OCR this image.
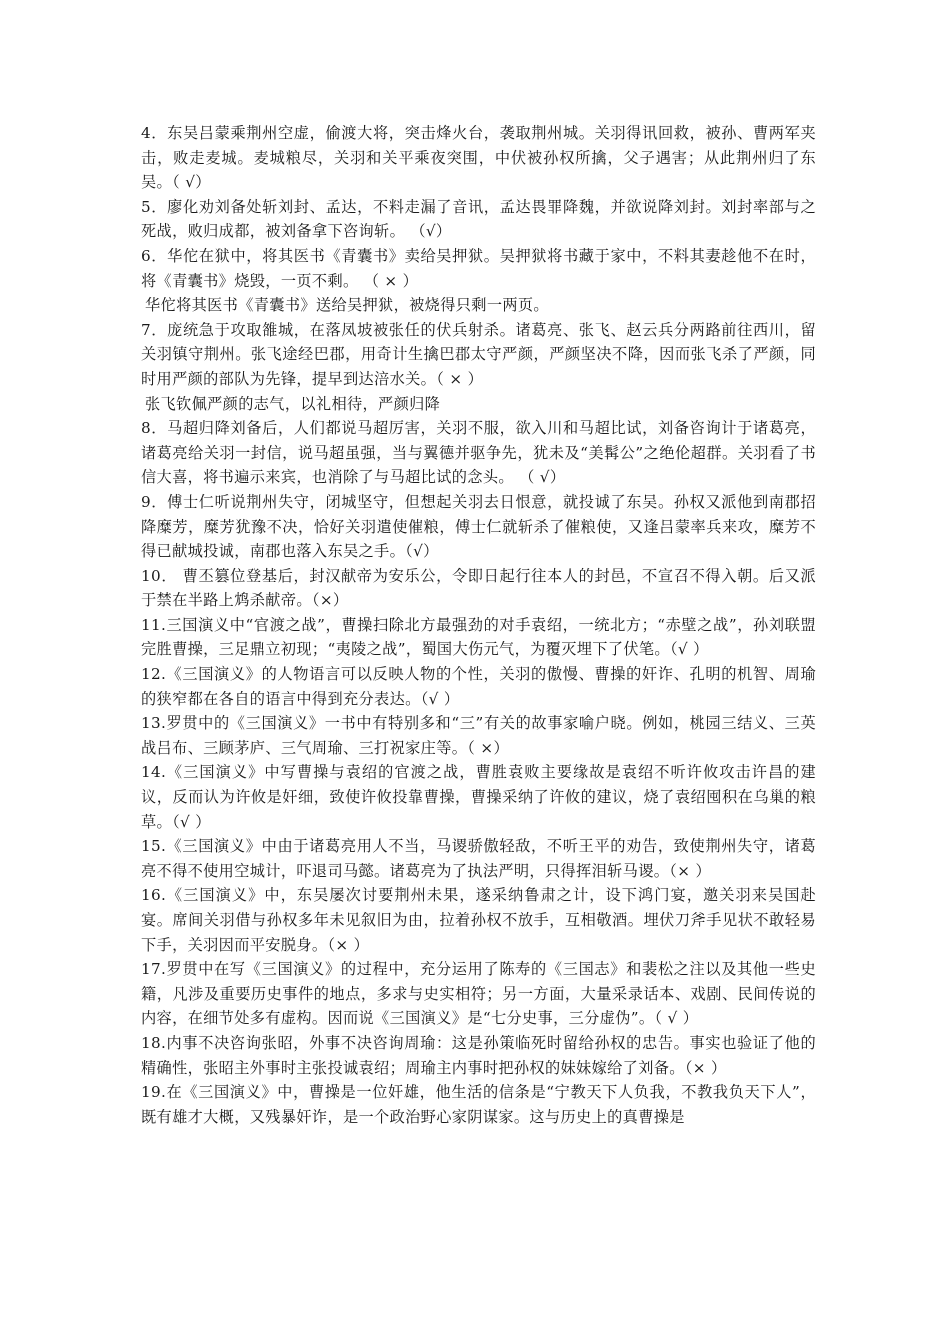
4．东吴吕蒙乘荆州空虚，偷渡大将，突击烽火台，袭取荆州城。关羽得讯回救，被孙、曹两军夹击，败走麦城。麦城粮尽，关羽和关平乘夜突围，中伏被孙权所擒，父子遇害；从此荆州归了东吴。（ √）

5．廖化劝刘备处斩刘封、孟达，不料走漏了音讯，孟达畏罪降魏，并欲说降刘封。刘封率部与之死战，败归成都，被刘备拿下咨询斩。 （√）

6．华佗在狱中，将其医书《青囊书》卖给吴押狱。吴押狱将书藏于家中，不料其妻趁他不在时，将《青囊书》烧毁，一页不剩。 （ × ）

华佗将其医书《青囊书》送给吴押狱，被烧得只剩一两页。

7．庞统急于攻取雒城，在落凤坡被张任的伏兵射杀。诸葛亮、张飞、赵云兵分两路前往西川，留关羽镇守荆州。张飞途经巴郡，用奇计生擒巴郡太守严颜，严颜坚决不降，因而张飞杀了严颜，同时用严颜的部队为先锋，提早到达涪水关。（ × ）

张飞钦佩严颜的志气，以礼相待，严颜归降

8．马超归降刘备后，人们都说马超厉害，关羽不服，欲入川和马超比试，刘备咨询计于诸葛亮，诸葛亮给关羽一封信，说马超虽强，当与翼德并驱争先，犹未及“美髯公”之绝伦超群。关羽看了书信大喜，将书遍示来宾，也消除了与马超比试的念头。 （ √）

9．傅士仁听说荆州失守，闭城坚守，但想起关羽去日恨意，就投诚了东吴。孙权又派他到南郡招降糜芳，糜芳犹豫不决，恰好关羽遣使催粮，傅士仁就斩杀了催粮使，又逢吕蒙率兵来攻，糜芳不得已献城投诚，南郡也落入东吴之手。（√）

10． 曹丕篡位登基后，封汉献帝为安乐公，令即日起行往本人的封邑，不宣召不得入朝。后又派于禁在半路上鸩杀献帝。（×）

11.三国演义中“官渡之战”，曹操扫除北方最强劲的对手袁绍，一统北方；“赤壁之战”，孙刘联盟完胜曹操，三足鼎立初现；“夷陵之战”，蜀国大伤元气，为覆灭埋下了伏笔。（√ ）

12.《三国演义》的人物语言可以反映人物的个性，关羽的傲慢、曹操的奸诈、孔明的机智、周瑜的狭窄都在各自的语言中得到充分表达。（√ ）

13.罗贯中的《三国演义》一书中有特别多和“三”有关的故事家喻户晓。例如，桃园三结义、三英战吕布、三顾茅庐、三气周瑜、三打祝家庄等。（ ×）

14.《三国演义》中写曹操与袁绍的官渡之战，曹胜袁败主要缘故是袁绍不听许攸攻击许昌的建议，反而认为许攸是奸细，致使许攸投靠曹操，曹操采纳了许攸的建议，烧了袁绍囤积在乌巢的粮草。（√ ）

15.《三国演义》中由于诸葛亮用人不当，马谡骄傲轻敌，不听王平的劝告，致使荆州失守，诸葛亮不得不使用空城计，吓退司马懿。诸葛亮为了执法严明，只得挥泪斩马谡。（× ）

16.《三国演义》中，东吴屡次讨要荆州未果，遂采纳鲁肃之计，设下鸿门宴，邀关羽来吴国赴宴。席间关羽借与孙权多年未见叙旧为由，拉着孙权不放手，互相敬酒。埋伏刀斧手见状不敢轻易下手，关羽因而平安脱身。（× ）

17.罗贯中在写《三国演义》的过程中，充分运用了陈寿的《三国志》和裴松之注以及其他一些史籍，凡涉及重要历史事件的地点，多求与史实相符；另一方面，大量采录话本、戏剧、民间传说的内容，在细节处多有虚构。因而说《三国演义》是“七分史事，三分虚伪”。（ √ ）

18.内事不决咨询张昭，外事不决咨询周瑜：这是孙策临死时留给孙权的忠告。事实也验证了他的精确性，张昭主外事时主张投诚袁绍；周瑜主内事时把孙权的妹妹嫁给了刘备。（× ）

19.在《三国演义》中，曹操是一位奸雄，他生活的信条是“宁教天下人负我，不教我负天下人”，既有雄才大概，又残暴奸诈，是一个政治野心家阴谋家。这与历史上的真曹操是
